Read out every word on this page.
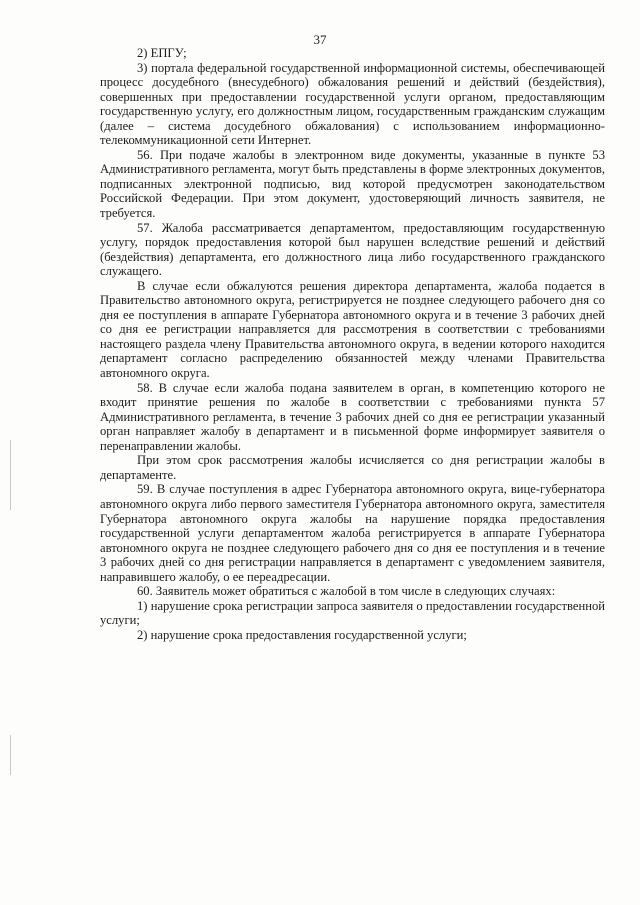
37

2) ЕПГУ;

3) портала федеральной государственной информационной системы, обеспечивающей процесс досудебного (внесудебного) обжалования решений и действий (бездействия), совершенных при предоставлении государственной услуги органом, предоставляющим государственную услугу, его должностным лицом, государственным гражданским служащим (далее – система досудебного обжалования) с использованием информационно-телекоммуникационной сети Интернет.

56. При подаче жалобы в электронном виде документы, указанные в пункте 53 Административного регламента, могут быть представлены в форме электронных документов, подписанных электронной подписью, вид которой предусмотрен законодательством Российской Федерации. При этом документ, удостоверяющий личность заявителя, не требуется.

57. Жалоба рассматривается департаментом, предоставляющим государственную услугу, порядок предоставления которой был нарушен вследствие решений и действий (бездействия) департамента, его должностного лица либо государственного гражданского служащего.

В случае если обжалуются решения директора департамента, жалоба подается в Правительство автономного округа, регистрируется не позднее следующего рабочего дня со дня ее поступления в аппарате Губернатора автономного округа и в течение 3 рабочих дней со дня ее регистрации направляется для рассмотрения в соответствии с требованиями настоящего раздела члену Правительства автономного округа, в ведении которого находится департамент согласно распределению обязанностей между членами Правительства автономного округа.

58. В случае если жалоба подана заявителем в орган, в компетенцию которого не входит принятие решения по жалобе в соответствии с требованиями пункта 57 Административного регламента, в течение 3 рабочих дней со дня ее регистрации указанный орган направляет жалобу в департамент и в письменной форме информирует заявителя о перенаправлении жалобы.

При этом срок рассмотрения жалобы исчисляется со дня регистрации жалобы в департаменте.

59. В случае поступления в адрес Губернатора автономного округа, вице-губернатора автономного округа либо первого заместителя Губернатора автономного округа, заместителя Губернатора автономного округа жалобы на нарушение порядка предоставления государственной услуги департаментом жалоба регистрируется в аппарате Губернатора автономного округа не позднее следующего рабочего дня со дня ее поступления и в течение 3 рабочих дней со дня регистрации направляется в департамент с уведомлением заявителя, направившего жалобу, о ее переадресации.

60. Заявитель может обратиться с жалобой в том числе в следующих случаях:

1) нарушение срока регистрации запроса заявителя о предоставлении государственной услуги;

2) нарушение срока предоставления государственной услуги;
